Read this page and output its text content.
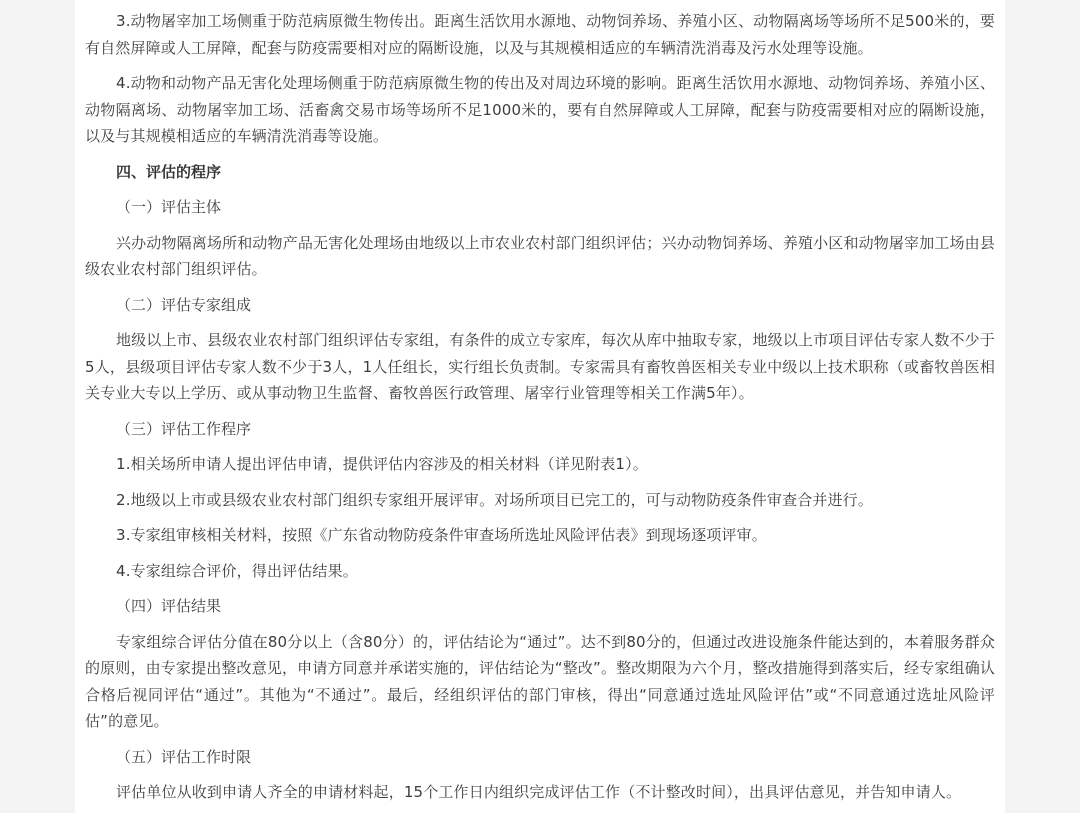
3.动物屠宰加工场侧重于防范病原微生物传出。距离生活饮用水源地、动物饲养场、养殖小区、动物隔离场等场所不足500米的，要有自然屏障或人工屏障，配套与防疫需要相对应的隔断设施，以及与其规模相适应的车辆清洗消毒及污水处理等设施。

4.动物和动物产品无害化处理场侧重于防范病原微生物的传出及对周边环境的影响。距离生活饮用水源地、动物饲养场、养殖小区、动物隔离场、动物屠宰加工场、活畜禽交易市场等场所不足1000米的，要有自然屏障或人工屏障，配套与防疫需要相对应的隔断设施，以及与其规模相适应的车辆清洗消毒等设施。

四、评估的程序

（一）评估主体

兴办动物隔离场所和动物产品无害化处理场由地级以上市农业农村部门组织评估；兴办动物饲养场、养殖小区和动物屠宰加工场由县级农业农村部门组织评估。

（二）评估专家组成

地级以上市、县级农业农村部门组织评估专家组，有条件的成立专家库，每次从库中抽取专家，地级以上市项目评估专家人数不少于5人，县级项目评估专家人数不少于3人，1人任组长，实行组长负责制。专家需具有畜牧兽医相关专业中级以上技术职称（或畜牧兽医相关专业大专以上学历、或从事动物卫生监督、畜牧兽医行政管理、屠宰行业管理等相关工作满5年）。

（三）评估工作程序

1.相关场所申请人提出评估申请，提供评估内容涉及的相关材料（详见附表1）。

2.地级以上市或县级农业农村部门组织专家组开展评审。对场所项目已完工的，可与动物防疫条件审查合并进行。

3.专家组审核相关材料，按照《广东省动物防疫条件审查场所选址风险评估表》到现场逐项评审。

4.专家组综合评价，得出评估结果。

（四）评估结果

专家组综合评估分值在80分以上（含80分）的，评估结论为“通过”。达不到80分的，但通过改进设施条件能达到的，本着服务群众的原则，由专家提出整改意见，申请方同意并承诺实施的，评估结论为“整改”。整改期限为六个月，整改措施得到落实后，经专家组确认合格后视同评估“通过”。其他为“不通过”。最后，经组织评估的部门审核，得出“同意通过选址风险评估”或“不同意通过选址风险评估”的意见。

（五）评估工作时限

评估单位从收到申请人齐全的申请材料起，15个工作日内组织完成评估工作（不计整改时间），出具评估意见，并告知申请人。
